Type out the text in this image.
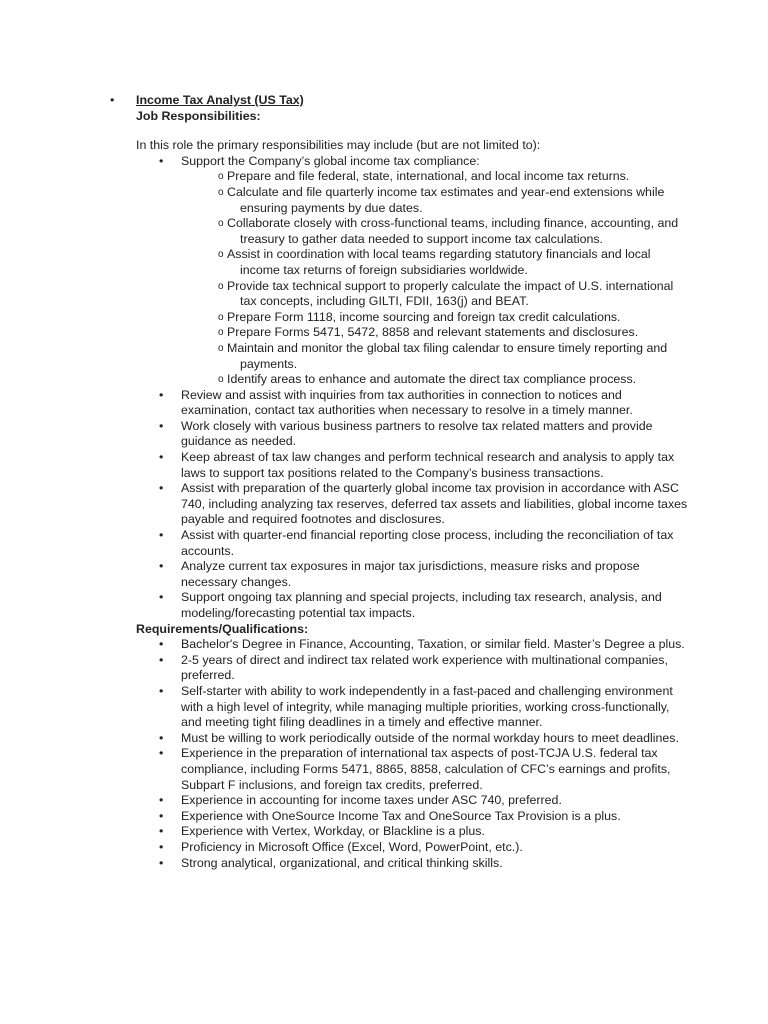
• Income Tax Analyst (US Tax)
Job Responsibilities:
In this role the primary responsibilities may include (but are not limited to):
• Support the Company’s global income tax compliance:
o Prepare and file federal, state, international, and local income tax returns.
o Calculate and file quarterly income tax estimates and year-end extensions while ensuring payments by due dates.
o Collaborate closely with cross-functional teams, including finance, accounting, and treasury to gather data needed to support income tax calculations.
o Assist in coordination with local teams regarding statutory financials and local income tax returns of foreign subsidiaries worldwide.
o Provide tax technical support to properly calculate the impact of U.S. international tax concepts, including GILTI, FDII, 163(j) and BEAT.
o Prepare Form 1118, income sourcing and foreign tax credit calculations.
o Prepare Forms 5471, 5472, 8858 and relevant statements and disclosures.
o Maintain and monitor the global tax filing calendar to ensure timely reporting and payments.
o Identify areas to enhance and automate the direct tax compliance process.
• Review and assist with inquiries from tax authorities in connection to notices and examination, contact tax authorities when necessary to resolve in a timely manner.
• Work closely with various business partners to resolve tax related matters and provide guidance as needed.
• Keep abreast of tax law changes and perform technical research and analysis to apply tax laws to support tax positions related to the Company’s business transactions.
• Assist with preparation of the quarterly global income tax provision in accordance with ASC 740, including analyzing tax reserves, deferred tax assets and liabilities, global income taxes payable and required footnotes and disclosures.
• Assist with quarter-end financial reporting close process, including the reconciliation of tax accounts.
• Analyze current tax exposures in major tax jurisdictions, measure risks and propose necessary changes.
• Support ongoing tax planning and special projects, including tax research, analysis, and modeling/forecasting potential tax impacts.
Requirements/Qualifications:
• Bachelor's Degree in Finance, Accounting, Taxation, or similar field. Master’s Degree a plus.
• 2-5 years of direct and indirect tax related work experience with multinational companies, preferred.
• Self-starter with ability to work independently in a fast-paced and challenging environment with a high level of integrity, while managing multiple priorities, working cross-functionally, and meeting tight filing deadlines in a timely and effective manner.
• Must be willing to work periodically outside of the normal workday hours to meet deadlines.
• Experience in the preparation of international tax aspects of post-TCJA U.S. federal tax compliance, including Forms 5471, 8865, 8858, calculation of CFC’s earnings and profits, Subpart F inclusions, and foreign tax credits, preferred.
• Experience in accounting for income taxes under ASC 740, preferred.
• Experience with OneSource Income Tax and OneSource Tax Provision is a plus.
• Experience with Vertex, Workday, or Blackline is a plus.
• Proficiency in Microsoft Office (Excel, Word, PowerPoint, etc.).
• Strong analytical, organizational, and critical thinking skills.
